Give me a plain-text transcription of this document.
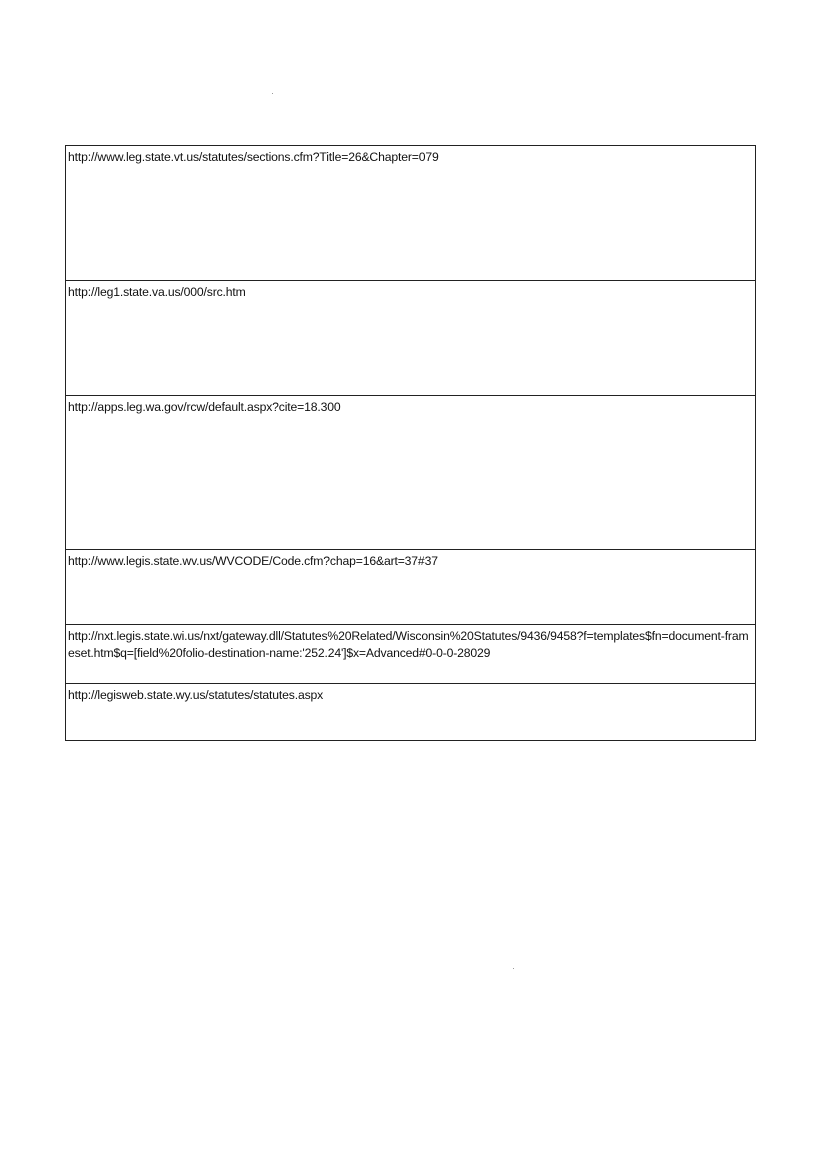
http://www.leg.state.vt.us/statutes/sections.cfm?Title=26&Chapter=079
http://leg1.state.va.us/000/src.htm
http://apps.leg.wa.gov/rcw/default.aspx?cite=18.300
http://www.legis.state.wv.us/WVCODE/Code.cfm?chap=16&art=37#37
http://nxt.legis.state.wi.us/nxt/gateway.dll/Statutes%20Related/Wisconsin%20Statutes/9436/9458?f=templates$fn=document-frameset.htm$q=[field%20folio-destination-name:'252.24']$x=Advanced#0-0-0-28029
http://legisweb.state.wy.us/statutes/statutes.aspx
